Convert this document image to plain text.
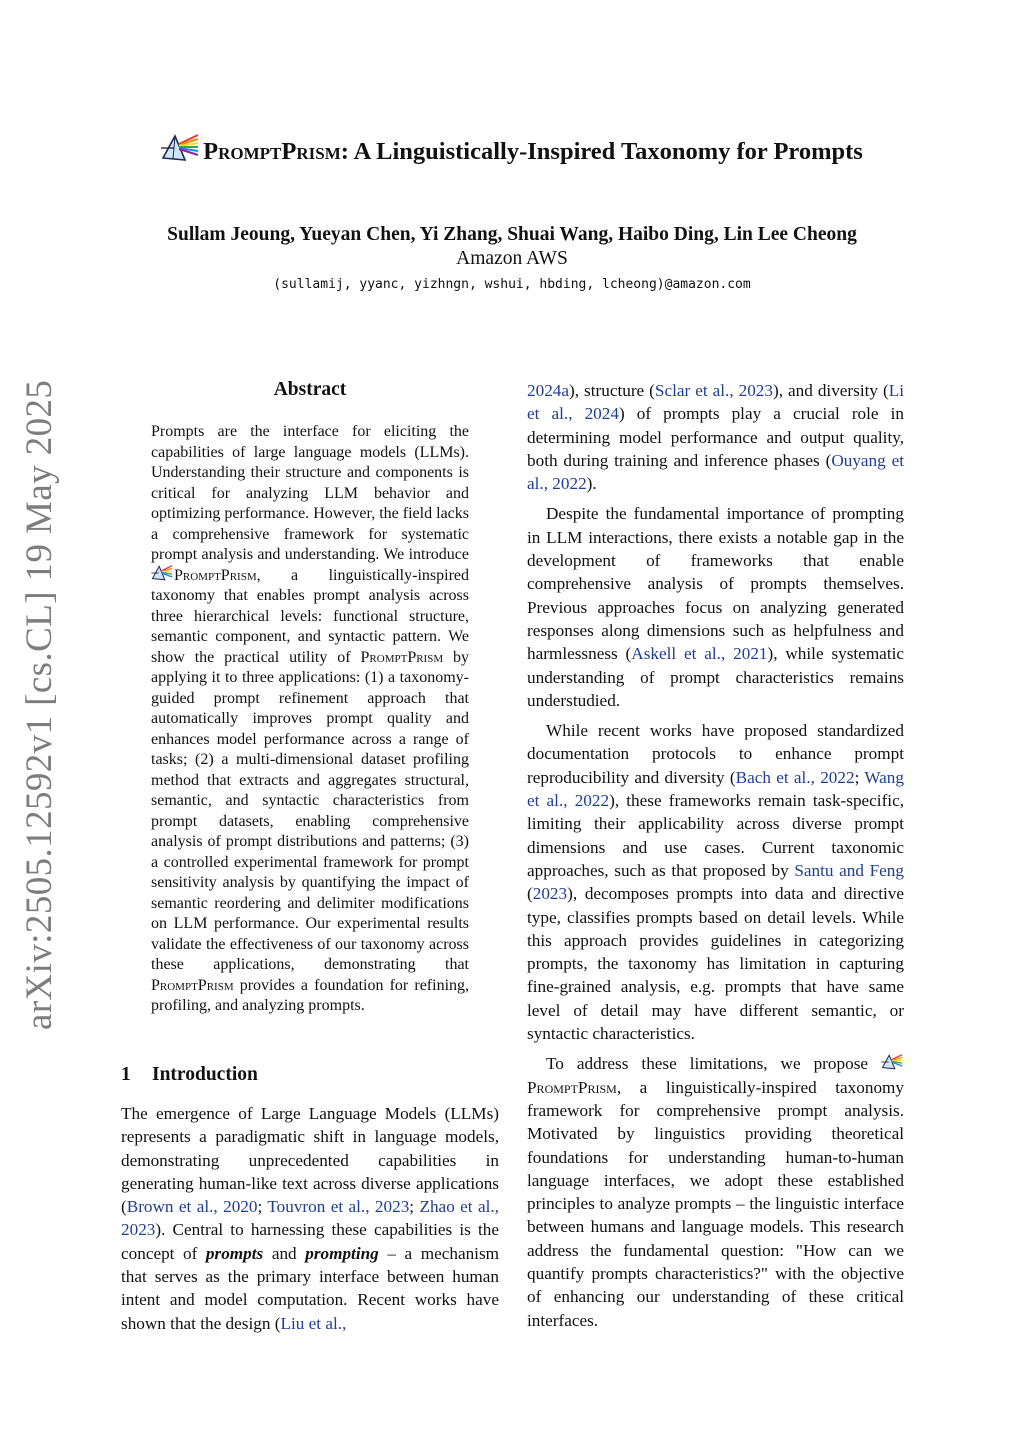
arXiv:2505.12592v1 [cs.CL] 19 May 2025
PromptPrism: A Linguistically-Inspired Taxonomy for Prompts
Sullam Jeoung, Yueyan Chen, Yi Zhang, Shuai Wang, Haibo Ding, Lin Lee Cheong
Amazon AWS
(sullamij, yyanc, yizhngn, wshui, hbding, lcheong)@amazon.com
Abstract
Prompts are the interface for eliciting the capabilities of large language models (LLMs). Understanding their structure and components is critical for analyzing LLM behavior and optimizing performance. However, the field lacks a comprehensive framework for systematic prompt analysis and understanding. We introduce PromptPrism, a linguistically-inspired taxonomy that enables prompt analysis across three hierarchical levels: functional structure, semantic component, and syntactic pattern. We show the practical utility of PromptPrism by applying it to three applications: (1) a taxonomy-guided prompt refinement approach that automatically improves prompt quality and enhances model performance across a range of tasks; (2) a multi-dimensional dataset profiling method that extracts and aggregates structural, semantic, and syntactic characteristics from prompt datasets, enabling comprehensive analysis of prompt distributions and patterns; (3) a controlled experimental framework for prompt sensitivity analysis by quantifying the impact of semantic reordering and delimiter modifications on LLM performance. Our experimental results validate the effectiveness of our taxonomy across these applications, demonstrating that PromptPrism provides a foundation for refining, profiling, and analyzing prompts.
1 Introduction
The emergence of Large Language Models (LLMs) represents a paradigmatic shift in language models, demonstrating unprecedented capabilities in generating human-like text across diverse applications (Brown et al., 2020; Touvron et al., 2023; Zhao et al., 2023). Central to harnessing these capabilities is the concept of prompts and prompting – a mechanism that serves as the primary interface between human intent and model computation. Recent works have shown that the design (Liu et al.,

2024a), structure (Sclar et al., 2023), and diversity (Li et al., 2024) of prompts play a crucial role in determining model performance and output quality, both during training and inference phases (Ouyang et al., 2022).

Despite the fundamental importance of prompting in LLM interactions, there exists a notable gap in the development of frameworks that enable comprehensive analysis of prompts themselves. Previous approaches focus on analyzing generated responses along dimensions such as helpfulness and harmlessness (Askell et al., 2021), while systematic understanding of prompt characteristics remains understudied.

While recent works have proposed standardized documentation protocols to enhance prompt reproducibility and diversity (Bach et al., 2022; Wang et al., 2022), these frameworks remain task-specific, limiting their applicability across diverse prompt dimensions and use cases. Current taxonomic approaches, such as that proposed by Santu and Feng (2023), decomposes prompts into data and directive type, classifies prompts based on detail levels. While this approach provides guidelines in categorizing prompts, the taxonomy has limitation in capturing fine-grained analysis, e.g. prompts that have same level of detail may have different semantic, or syntactic characteristics.

To address these limitations, we propose PromptPrism, a linguistically-inspired taxonomy framework for comprehensive prompt analysis. Motivated by linguistics providing theoretical foundations for understanding human-to-human language interfaces, we adopt these established principles to analyze prompts – the linguistic interface between humans and language models. This research address the fundamental question: "How can we quantify prompts characteristics?" with the objective of enhancing our understanding of these critical interfaces.
